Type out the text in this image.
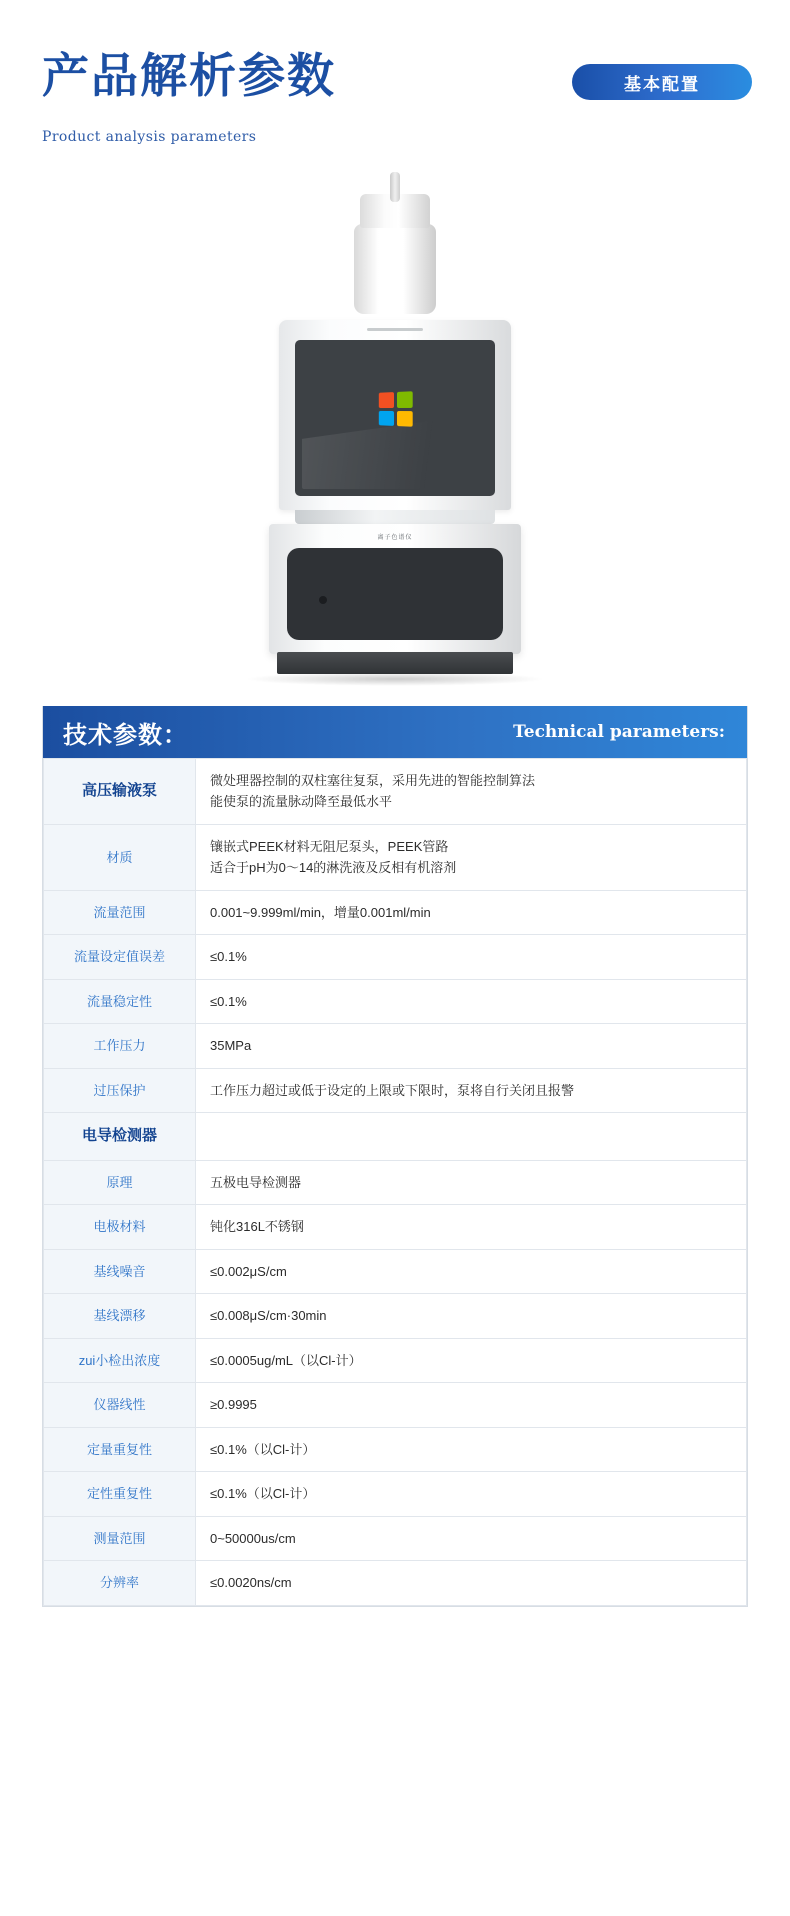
产品解析参数
Product analysis parameters
基本配置
离子色谱仪
技术参数：	Technical parameters:
高压输液泵	微处理器控制的双柱塞往复泵，采用先进的智能控制算法
能使泵的流量脉动降至最低水平

材质	镶嵌式PEEK材料无阻尼泵头，PEEK管路
适合于pH为0～14的淋洗液及反相有机溶剂

流量范围	0.001~9.999ml/min，增量0.001ml/min

流量设定值误差	≤0.1%

流量稳定性	≤0.1%

工作压力	35MPa

过压保护	工作压力超过或低于设定的上限或下限时，泵将自行关闭且报警

电导检测器	

原理	五极电导检测器

电极材料	钝化316L不锈钢

基线噪音	≤0.002μS/cm

基线漂移	≤0.008μS/cm·30min

zui小检出浓度	≤0.0005ug/mL（以Cl-计）

仪器线性	≥0.9995

定量重复性	≤0.1%（以Cl-计）

定性重复性	≤0.1%（以Cl-计）

测量范围	0~50000us/cm

分辨率	≤0.0020ns/cm
